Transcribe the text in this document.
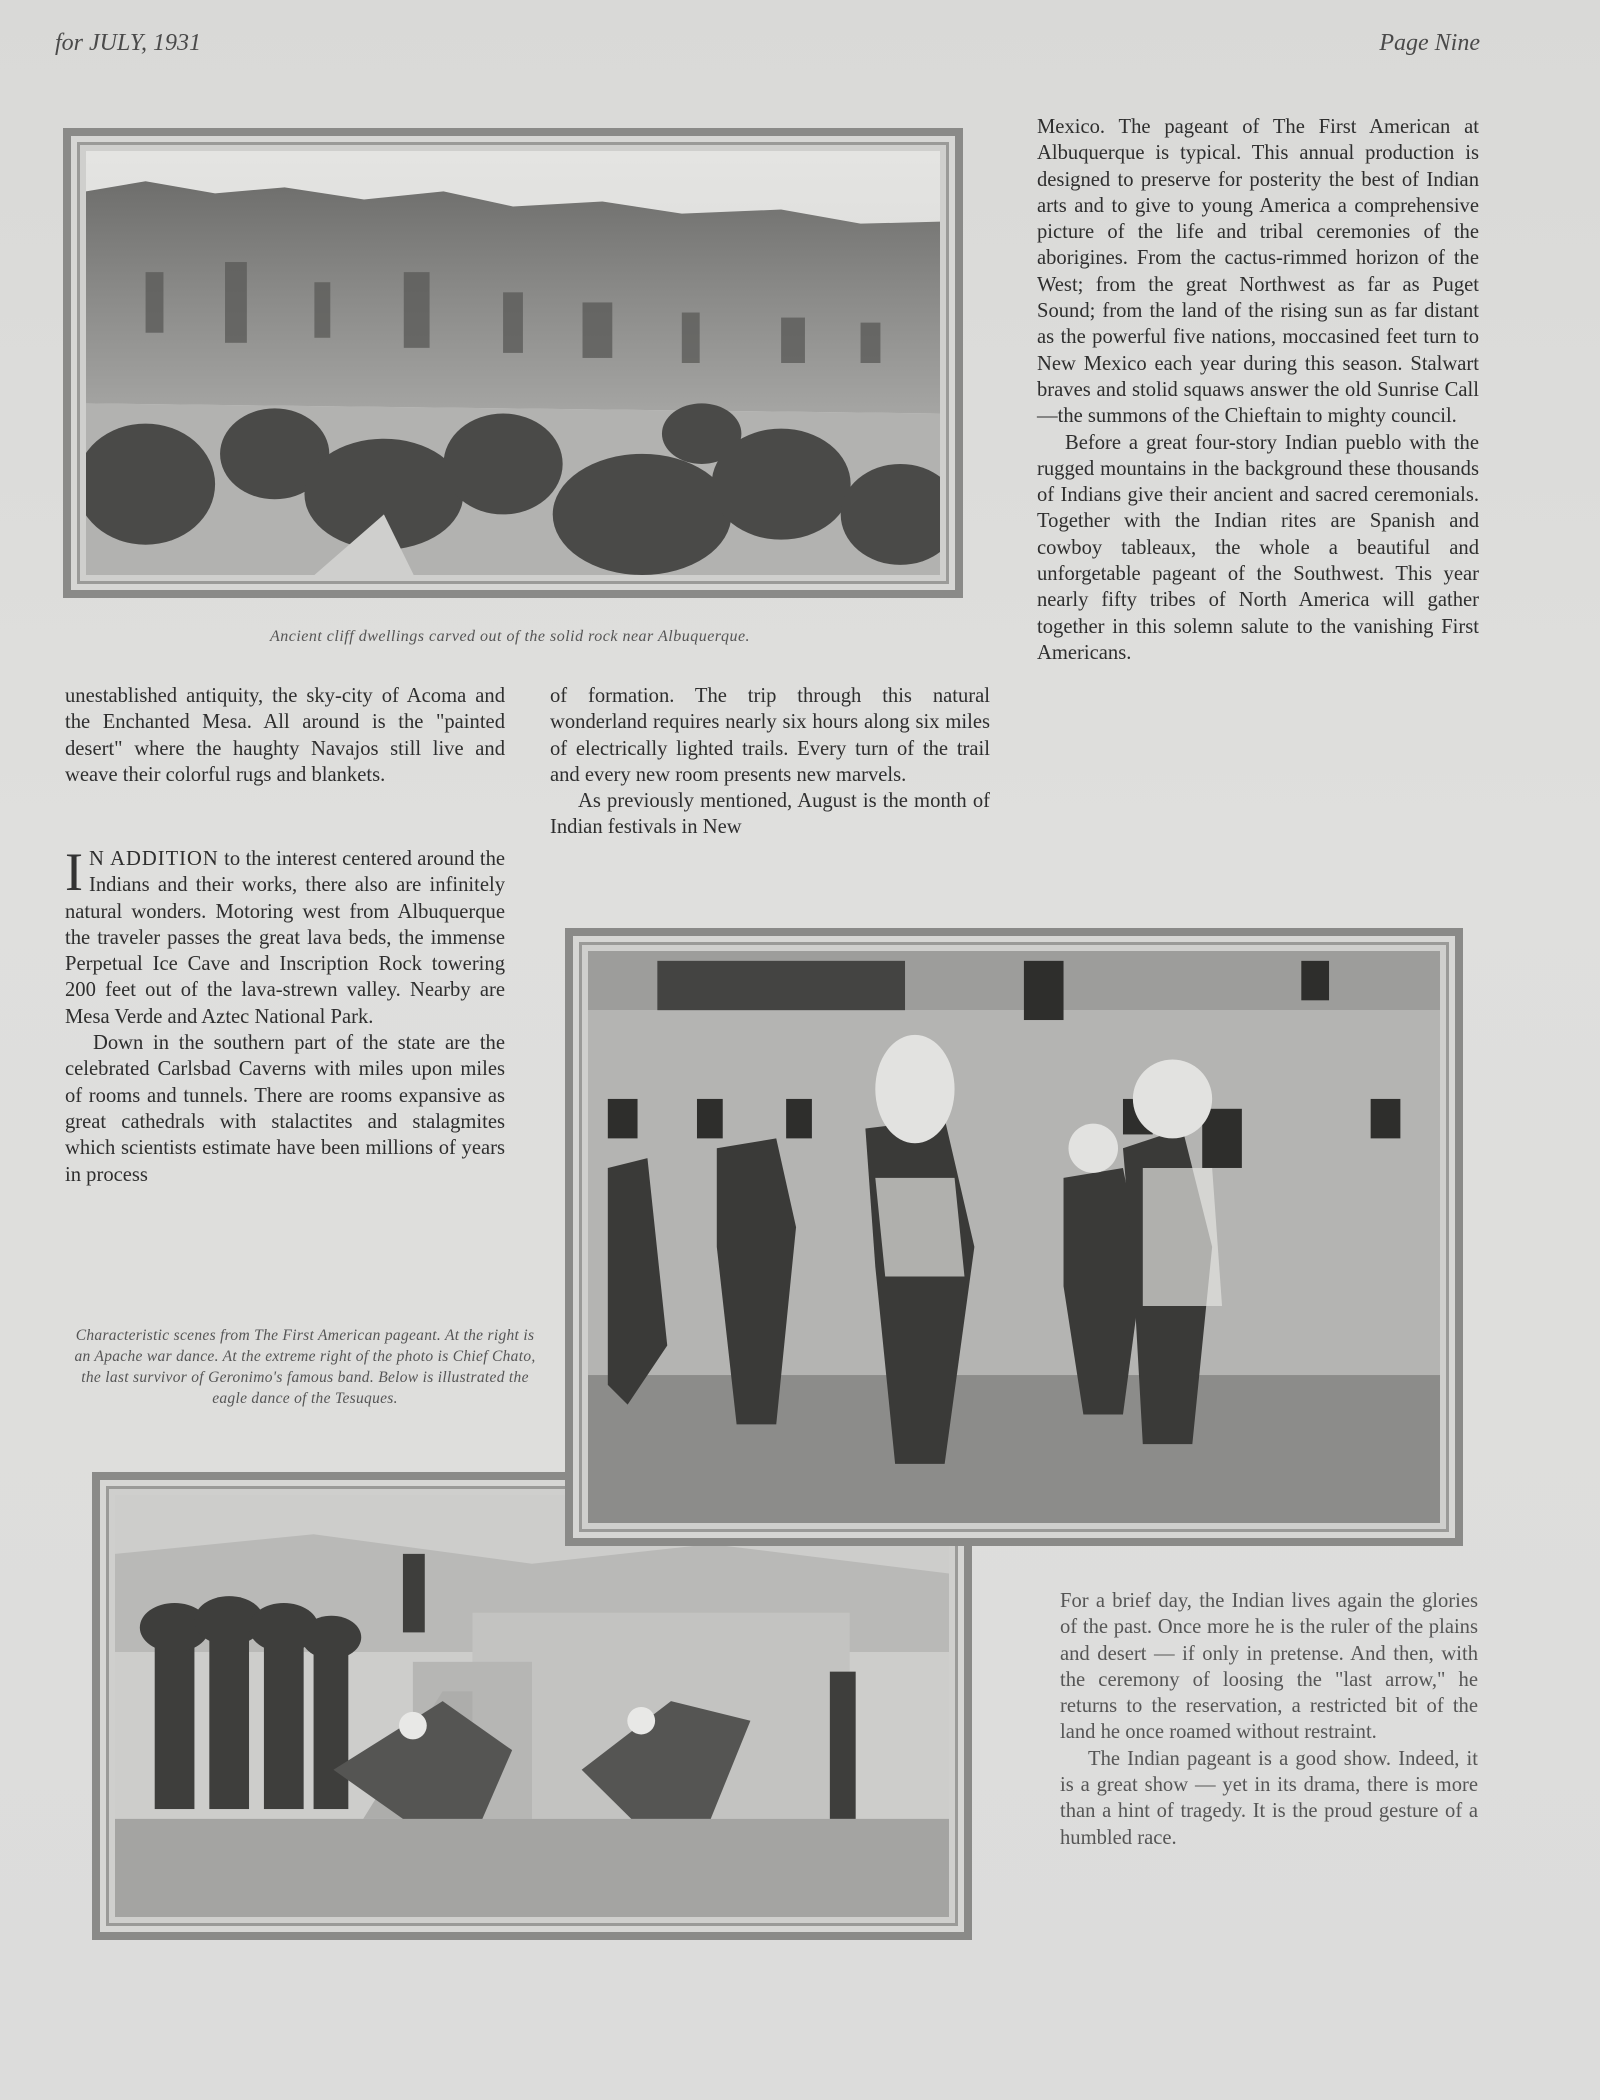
for JULY, 1931	Page Nine
Ancient cliff dwellings carved out of the solid rock near Albuquerque.

unestablished antiquity, the sky-city of Acoma and the Enchanted Mesa. All around is the "painted desert" where the haughty Navajos still live and weave their colorful rugs and blankets.

I N ADDITION to the interest centered around the Indians and their works, there also are infinitely natural wonders. Motoring west from Albuquerque the traveler passes the great lava beds, the immense Perpetual Ice Cave and Inscription Rock towering 200 feet out of the lava-strewn valley. Nearby are Mesa Verde and Aztec National Park.

Down in the southern part of the state are the celebrated Carlsbad Caverns with miles upon miles of rooms and tunnels. There are rooms expansive as great cathedrals with stalactites and stalagmites which scientists estimate have been millions of years in process

of formation. The trip through this natural wonderland requires nearly six hours along six miles of electrically lighted trails. Every turn of the trail and every new room presents new marvels.

As previously mentioned, August is the month of Indian festivals in New

Mexico. The pageant of The First American at Albuquerque is typical. This annual production is designed to preserve for posterity the best of Indian arts and to give to young America a comprehensive picture of the life and tribal ceremonies of the aborigines. From the cactus-rimmed horizon of the West; from the great Northwest as far as Puget Sound; from the land of the rising sun as far distant as the powerful five nations, moccasined feet turn to New Mexico each year during this season. Stalwart braves and stolid squaws answer the old Sunrise Call—the summons of the Chieftain to mighty council.

Before a great four-story Indian pueblo with the rugged mountains in the background these thousands of Indians give their ancient and sacred ceremonials. Together with the Indian rites are Spanish and cowboy tableaux, the whole a beautiful and unforgetable pageant of the Southwest. This year nearly fifty tribes of North America will gather together in this solemn salute to the vanishing First Americans.

Characteristic scenes from The First American pageant. At the right is an Apache war dance. At the extreme right of the photo is Chief Chato, the last survivor of Geronimo's famous band. Below is illustrated the eagle dance of the Tesuques.

For a brief day, the Indian lives again the glories of the past. Once more he is the ruler of the plains and desert — if only in pretense. And then, with the ceremony of loosing the "last arrow," he returns to the reservation, a restricted bit of the land he once roamed without restraint.

The Indian pageant is a good show. Indeed, it is a great show — yet in its drama, there is more than a hint of tragedy. It is the proud gesture of a humbled race.
